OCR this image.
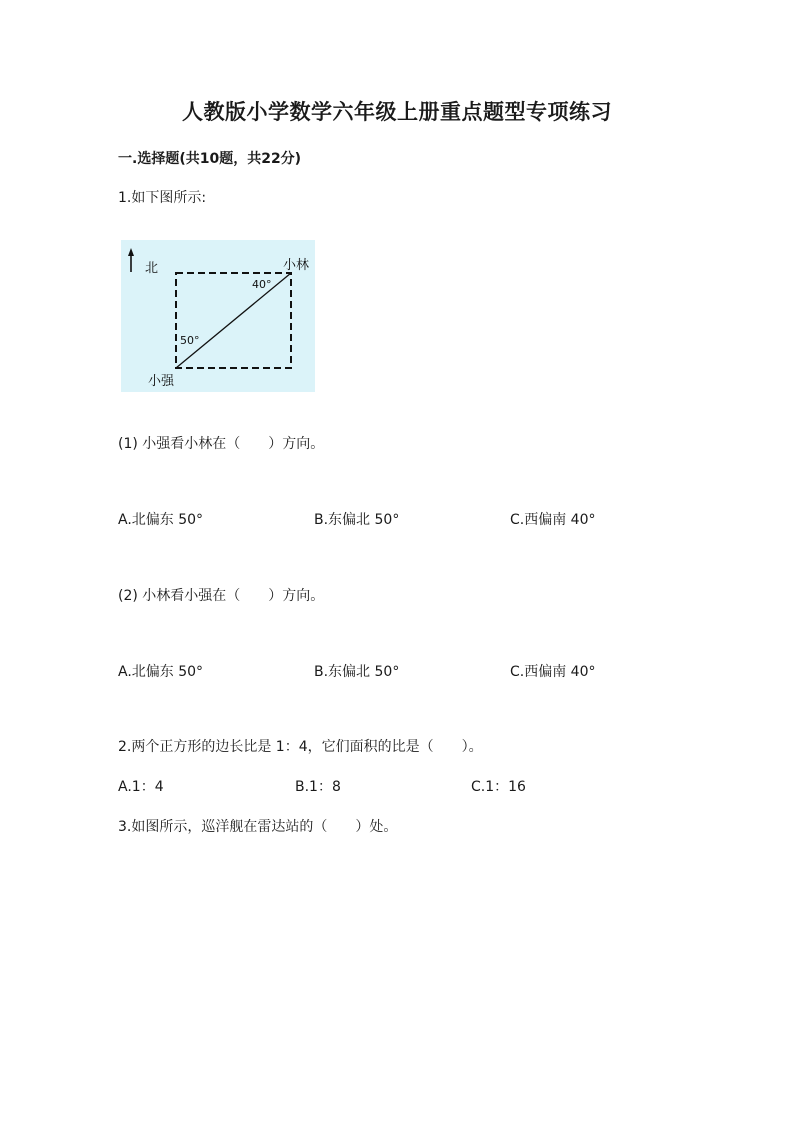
人教版小学数学六年级上册重点题型专项练习
一.选择题(共10题，共22分)
1.如下图所示:
北	小林
40°
50°
小强
(1) 小强看小林在（　　）方向。
A.北偏东 50°	B.东偏北 50°	C.西偏南 40°
(2) 小林看小强在（　　）方向。
A.北偏东 50°	B.东偏北 50°	C.西偏南 40°
2.两个正方形的边长比是 1：4，它们面积的比是（　　）。
A.1：4	B.1：8	C.1：16
3.如图所示，巡洋舰在雷达站的（　　）处。
